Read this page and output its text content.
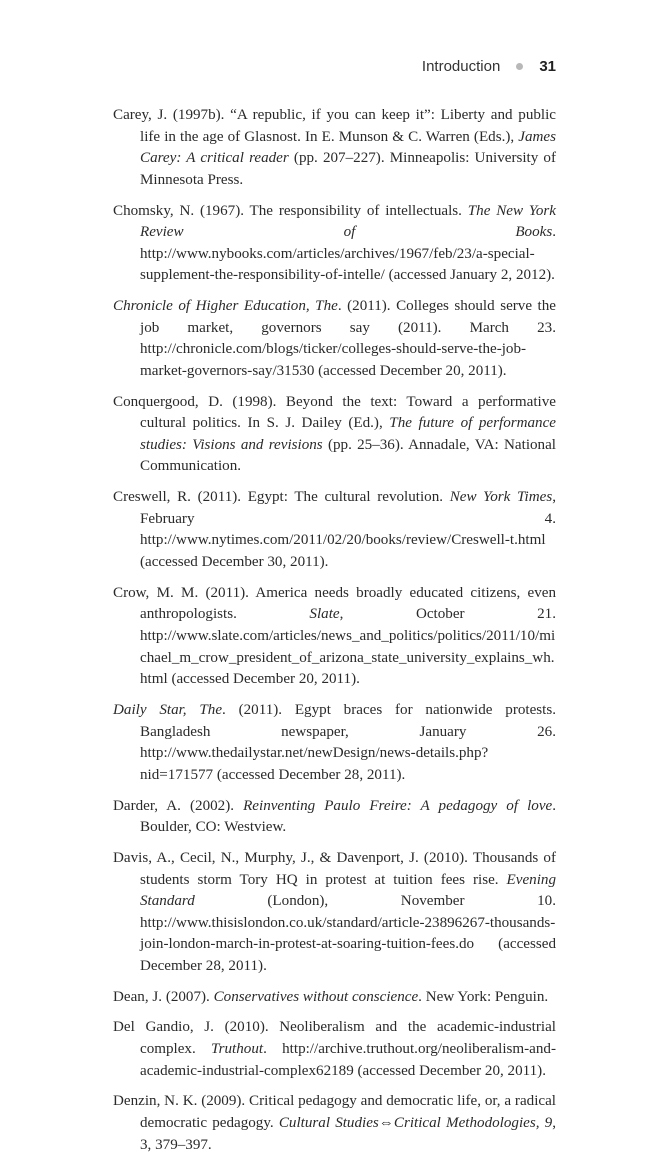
Introduction	31

Carey, J. (1997b). “A republic, if you can keep it”: Liberty and public life in the age of Glasnost. In E. Munson & C. Warren (Eds.), James Carey: A critical reader (pp. 207–227). Minneapolis: University of Minnesota Press.

Chomsky, N. (1967). The responsibility of intellectuals. The New York Review of Books. http://www.nybooks.com/articles/archives/1967/feb/23/a-special-supplement-the-responsibility-of-intelle/ (accessed January 2, 2012).

Chronicle of Higher Education, The. (2011). Colleges should serve the job market, governors say (2011). March 23. http://chronicle.com/blogs/ticker/colleges-should-serve-the-job-market-governors-say/31530 (accessed December 20, 2011).

Conquergood, D. (1998). Beyond the text: Toward a performative cultural politics. In S. J. Dailey (Ed.), The future of performance studies: Visions and revisions (pp. 25–36). Annadale, VA: National Communication.

Creswell, R. (2011). Egypt: The cultural revolution. New York Times, February 4. http://www.nytimes.com/2011/02/20/books/review/Creswell-t.html (accessed December 30, 2011).

Crow, M. M. (2011). America needs broadly educated citizens, even anthropologists. Slate, October 21. http://www.slate.com/articles/news_and_politics/politics/2011/10/michael_m_crow_president_of_arizona_state_university_explains_wh.html (accessed December 20, 2011).

Daily Star, The. (2011). Egypt braces for nationwide protests. Bangladesh newspaper, January 26. http://www.thedailystar.net/newDesign/news-details.php?nid=171577 (accessed December 28, 2011).

Darder, A. (2002). Reinventing Paulo Freire: A pedagogy of love. Boulder, CO: Westview.

Davis, A., Cecil, N., Murphy, J., & Davenport, J. (2010). Thousands of students storm Tory HQ in protest at tuition fees rise. Evening Standard (London), November 10. http://www.thisislondon.co.uk/standard/article-23896267-thousands-join-london-march-in-protest-at-soaring-tuition-fees.do (accessed December 28, 2011).

Dean, J. (2007). Conservatives without conscience. New York: Penguin.

Del Gandio, J. (2010). Neoliberalism and the academic-industrial complex. Truthout. http://archive.truthout.org/neoliberalism-and-academic-industrial-complex62189 (accessed December 20, 2011).

Denzin, N. K. (2009). Critical pedagogy and democratic life, or, a radical democratic pedagogy. Cultural Studies⇔Critical Methodologies, 9, 3, 379–397.
